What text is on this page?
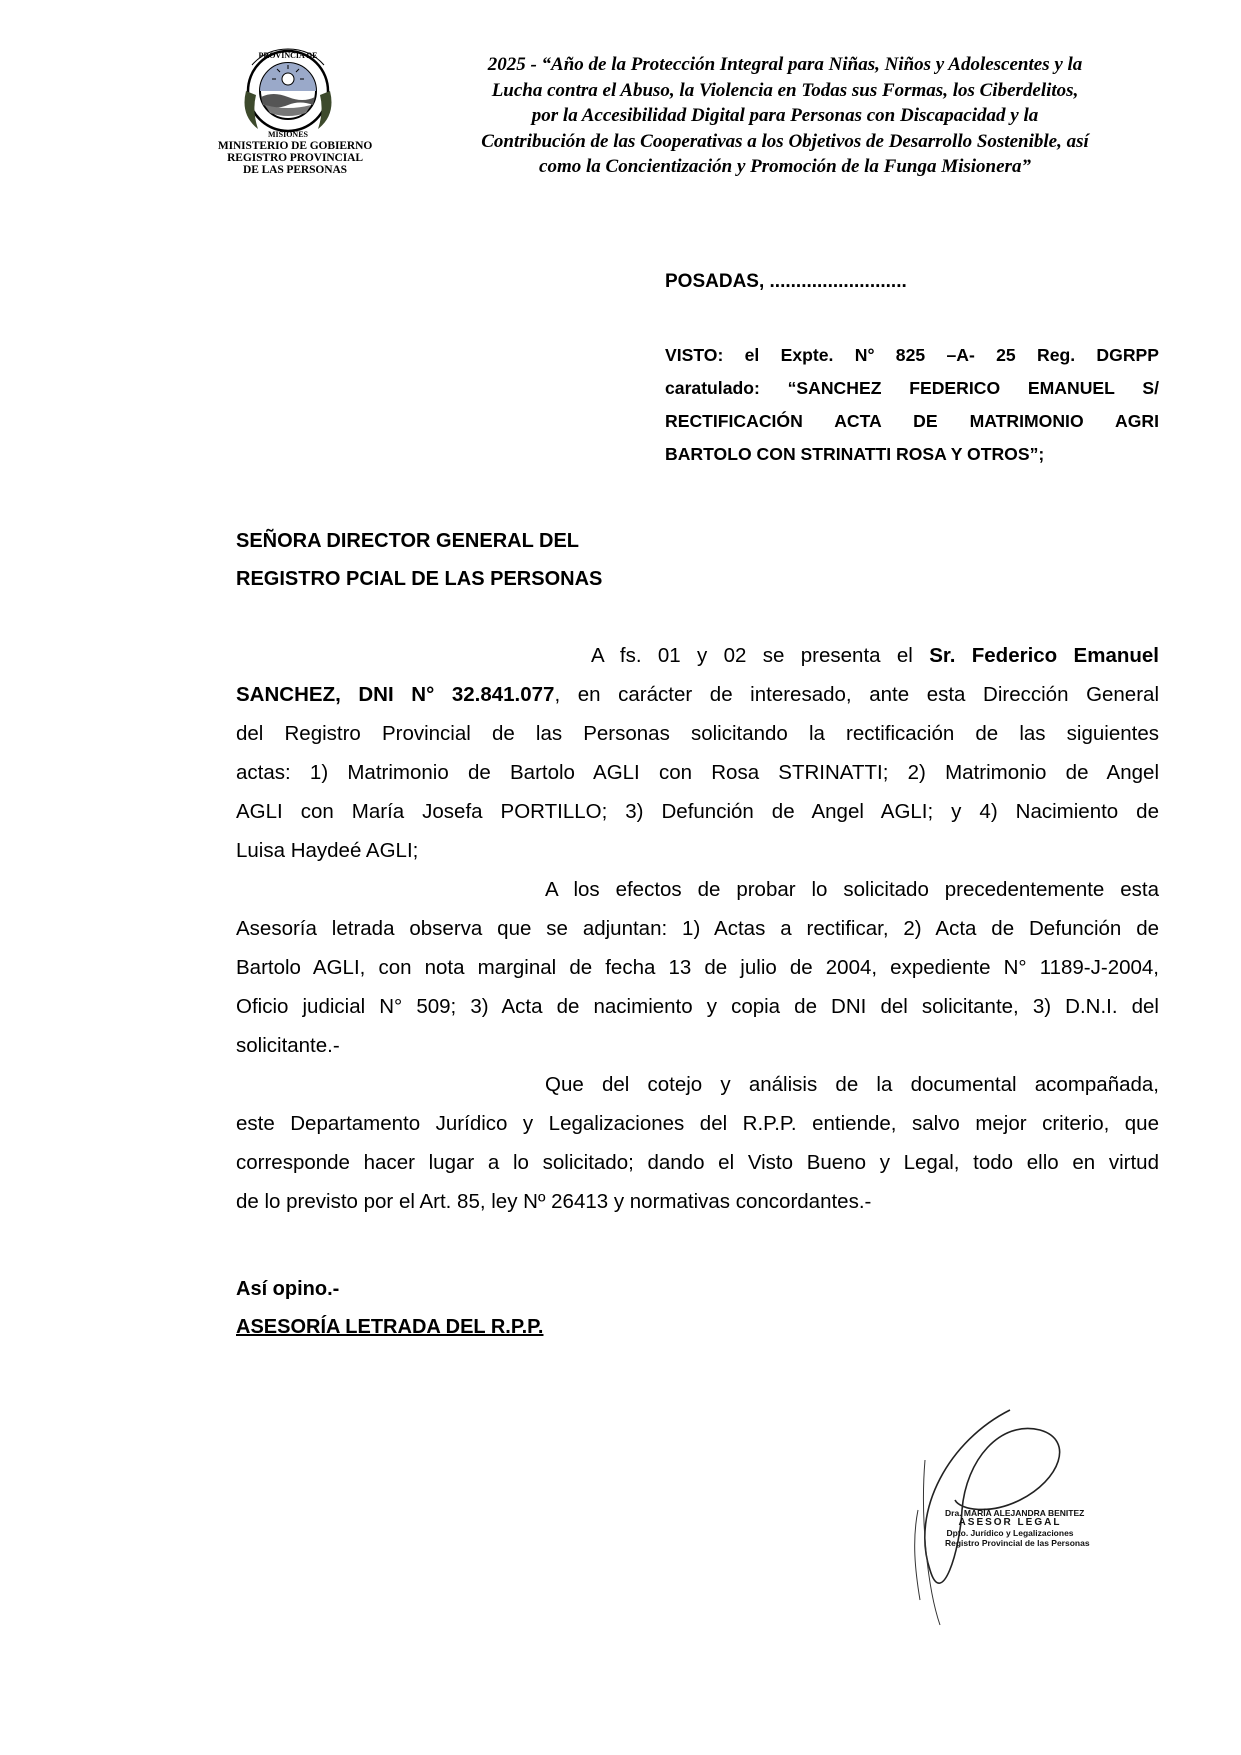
PROVINCIA DE
MISIONES
MINISTERIO DE GOBIERNO
REGISTRO PROVINCIAL
DE LAS PERSONAS
2025 - “Año de la Protección Integral para Niñas, Niños y Adolescentes y la
Lucha contra el Abuso, la Violencia en Todas sus Formas, los Ciberdelitos,
por la Accesibilidad Digital para Personas con Discapacidad y la
Contribución de las Cooperativas a los Objetivos de Desarrollo Sostenible, así
como la Concientización y Promoción de la Funga Misionera”
POSADAS, ..........................
VISTO: el Expte. N° 825 –A- 25 Reg. DGRPP
caratulado: “SANCHEZ FEDERICO EMANUEL S/
RECTIFICACIÓN ACTA DE MATRIMONIO AGRI
BARTOLO CON STRINATTI ROSA Y OTROS”;
SEÑORA DIRECTOR GENERAL DEL
REGISTRO PCIAL DE LAS PERSONAS
A fs. 01 y 02 se presenta el Sr. Federico Emanuel
SANCHEZ, DNI N° 32.841.077, en carácter de interesado, ante esta Dirección General
del Registro Provincial de las Personas solicitando la rectificación de las siguientes
actas: 1) Matrimonio de Bartolo AGLI con Rosa STRINATTI; 2) Matrimonio de Angel
AGLI con María Josefa PORTILLO; 3) Defunción de Angel AGLI; y 4) Nacimiento de
Luisa Haydeé AGLI;
A los efectos de probar lo solicitado precedentemente esta
Asesoría letrada observa que se adjuntan: 1) Actas a rectificar, 2) Acta de Defunción de
Bartolo AGLI, con nota marginal de fecha 13 de julio de 2004, expediente N° 1189-J-2004,
Oficio judicial N° 509; 3) Acta de nacimiento y copia de DNI del solicitante, 3) D.N.I. del
solicitante.-
Que del cotejo y análisis de la documental acompañada,
este Departamento Jurídico y Legalizaciones del R.P.P. entiende, salvo mejor criterio, que
corresponde hacer lugar a lo solicitado; dando el Visto Bueno y Legal, todo ello en virtud
de lo previsto por el Art. 85, ley Nº 26413 y normativas concordantes.-
Así opino.-
ASESORÍA LETRADA DEL R.P.P.
Dra. MARÍA ALEJANDRA BENITEZ
ASESOR LEGAL
Dpto. Jurídico y Legalizaciones
Registro Provincial de las Personas
